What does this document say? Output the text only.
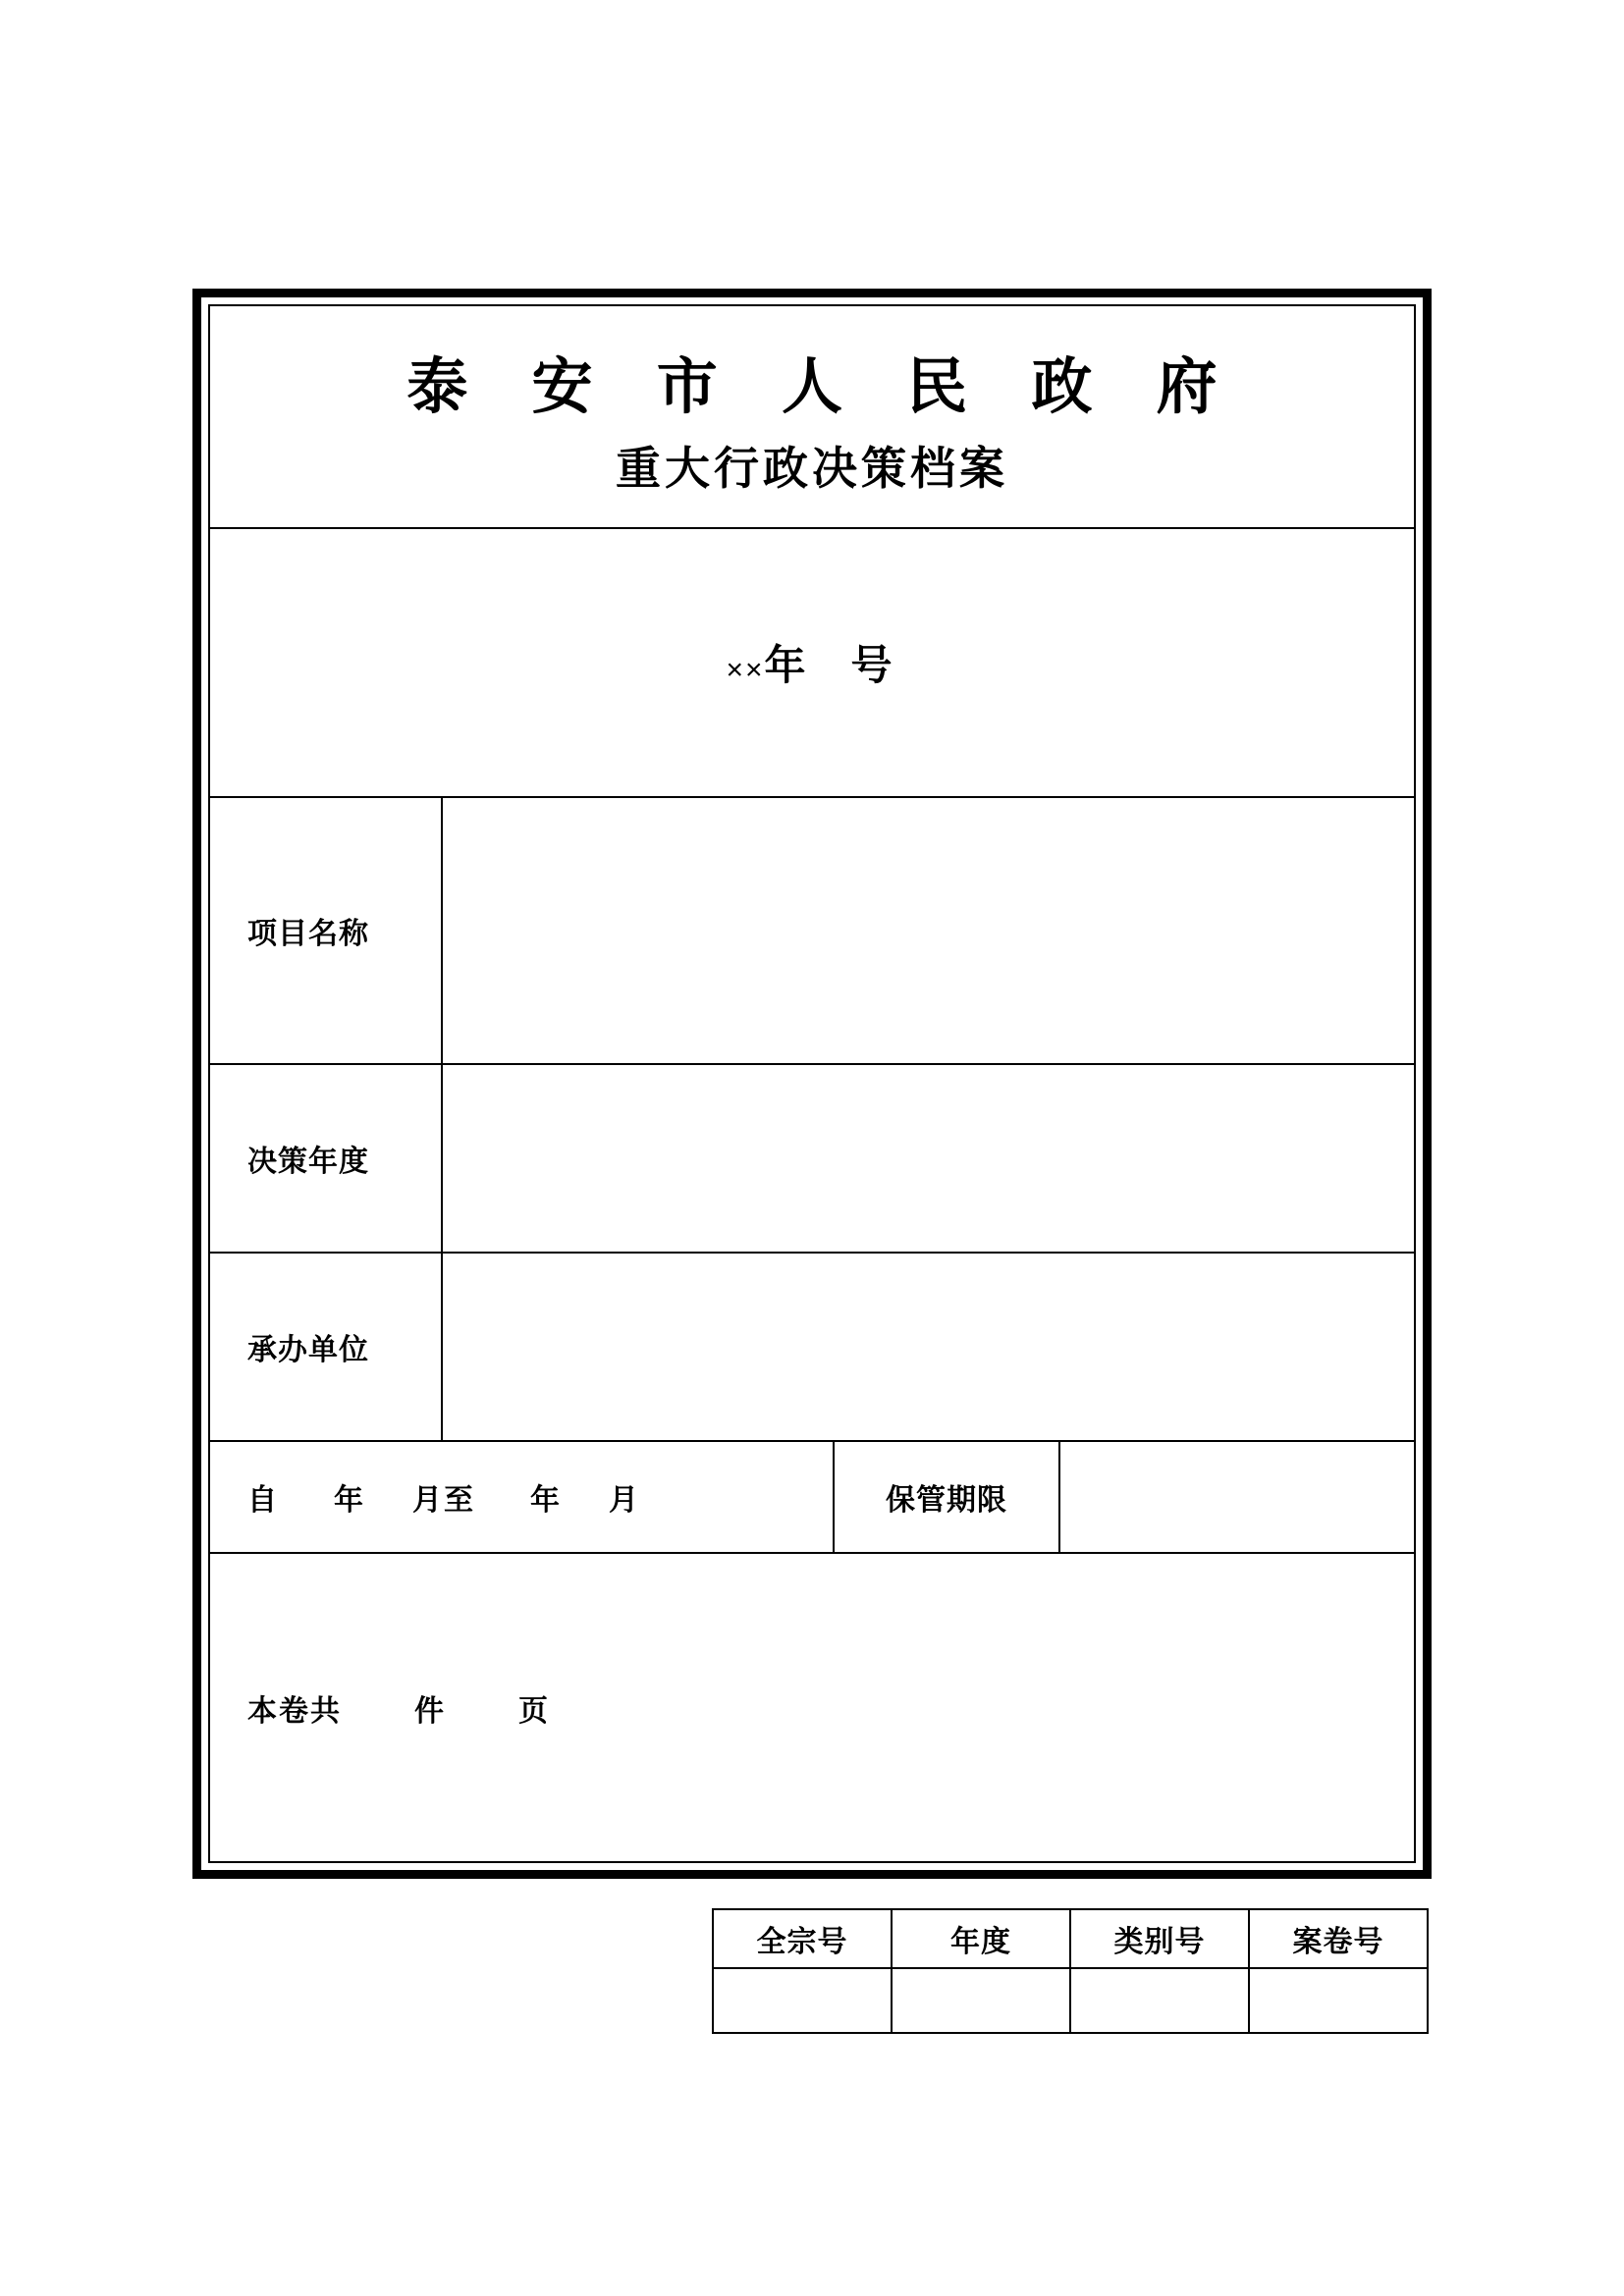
泰 安 市 人 民 政 府
重大行政决策档案
××年 号
项目名称
决策年度
承办单位
自 年 月 至 年 月	保管期限
本卷共 件 页
全宗号	年度	类别号	案卷号
